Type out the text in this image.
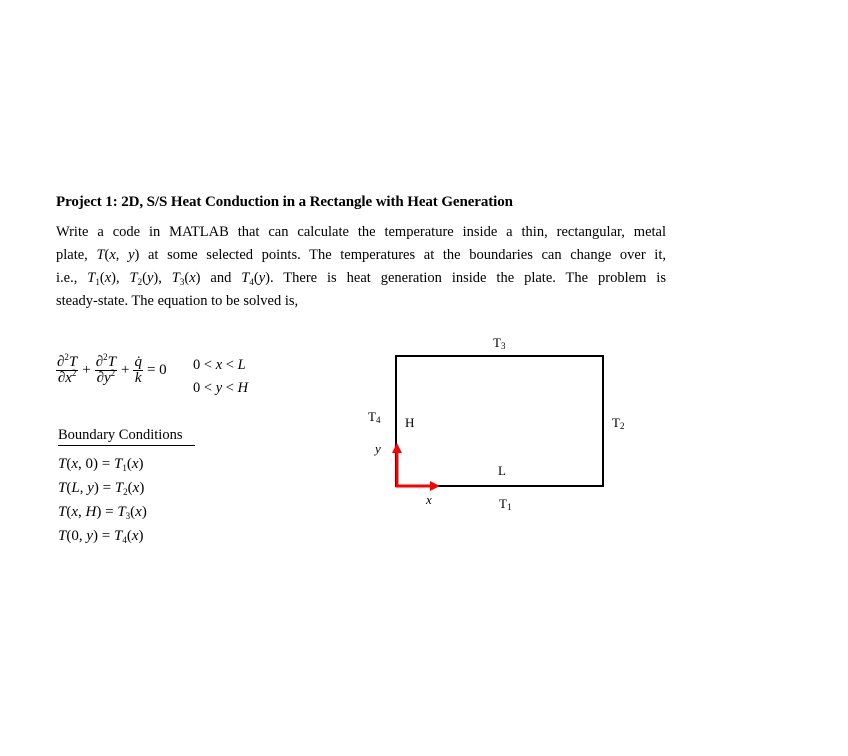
Project 1: 2D, S/S Heat Conduction in a Rectangle with Heat Generation
Write a code in MATLAB that can calculate the temperature inside a thin, rectangular, metal
plate, T(x, y) at some selected points. The temperatures at the boundaries can change over it,
i.e., $T_1(x)$, $T_2(y)$, $T_3(x)$ and $T_4(y)$. There is heat generation inside the plate. The problem is
steady-state. The equation to be solved is,
$\frac{\partial^2T}{\partial x^2} + \frac{\partial^2T}{\partial y^2} + \frac{q̇}{k} = 0$ 0 < x < L
0 < y < H
Boundary Conditions
T(x, $0) = T_1(x)$
T(L, $y) = T_2(x)$
T(x, $H) = T_3(x)$
T(0, $y) = T_4(x)$
$T_3$
$T_2$
$T_1$
$T_4$ H
L
y
x
